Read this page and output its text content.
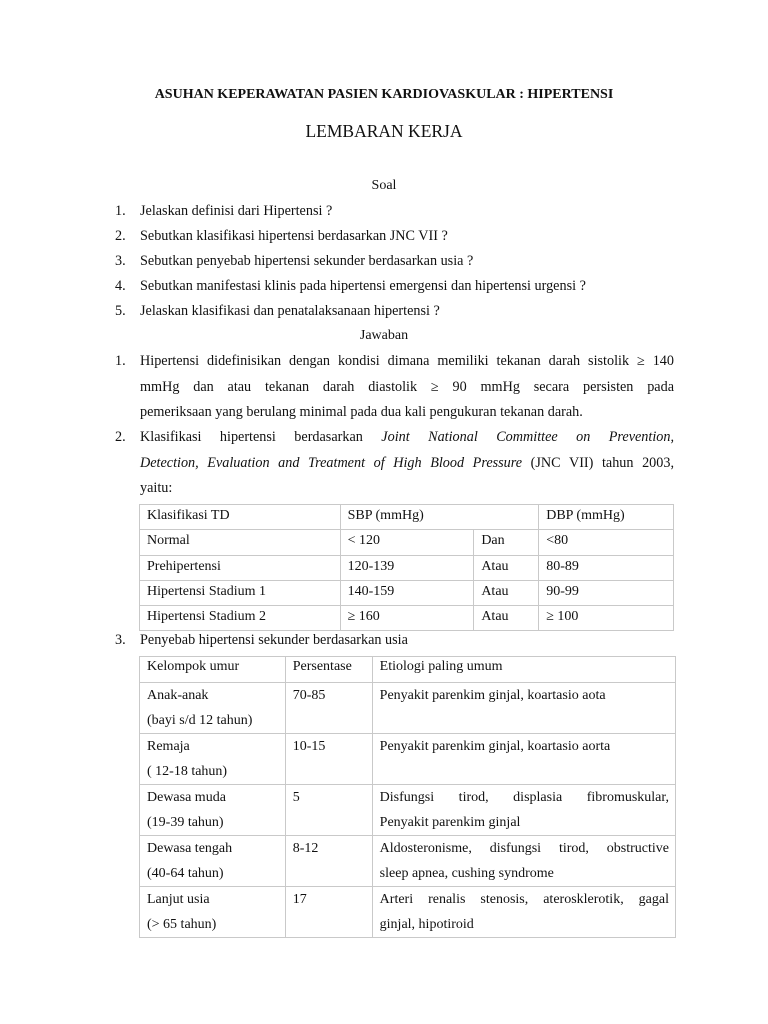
ASUHAN KEPERAWATAN PASIEN KARDIOVASKULAR : HIPERTENSI
LEMBARAN KERJA
Soal
1. Jelaskan definisi dari Hipertensi ?
2. Sebutkan klasifikasi hipertensi berdasarkan JNC VII ?
3. Sebutkan penyebab hipertensi sekunder berdasarkan usia ?
4. Sebutkan manifestasi klinis pada hipertensi emergensi dan hipertensi urgensi ?
5. Jelaskan klasifikasi dan penatalaksanaan hipertensi ?
Jawaban
1. Hipertensi didefinisikan dengan kondisi dimana memiliki tekanan darah sistolik ≥ 140
mmHg dan atau tekanan darah diastolik ≥ 90 mmHg secara persisten pada
pemeriksaan yang berulang minimal pada dua kali pengukuran tekanan darah.
2. Klasifikasi hipertensi berdasarkan Joint National Committee on Prevention,
Detection, Evaluation and Treatment of High Blood Pressure (JNC VII) tahun 2003,
yaitu:
Klasifikasi TD	SBP (mmHg)		DBP (mmHg)
Normal	< 120	Dan	<80
Prehipertensi	120-139	Atau	80-89
Hipertensi Stadium 1	140-159	Atau	90-99
Hipertensi Stadium 2	≥ 160	Atau	≥ 100
3. Penyebab hipertensi sekunder berdasarkan usia
Kelompok umur	Persentase	Etiologi paling umum

Anak-anak
(bayi s/d 12 tahun)	70-85	Penyakit parenkim ginjal, koartasio aota

Remaja
( 12-18 tahun)	10-15	Penyakit parenkim ginjal, koartasio aorta

Dewasa muda
(19-39 tahun)	5	Disfungsi tirod, displasia fibromuskular,
Penyakit parenkim ginjal

Dewasa tengah
(40-64 tahun)	8-12	Aldosteronisme, disfungsi tirod, obstructive
sleep apnea, cushing syndrome

Lanjut usia
(> 65 tahun)	17	Arteri renalis stenosis, aterosklerotik, gagal
ginjal, hipotiroid
